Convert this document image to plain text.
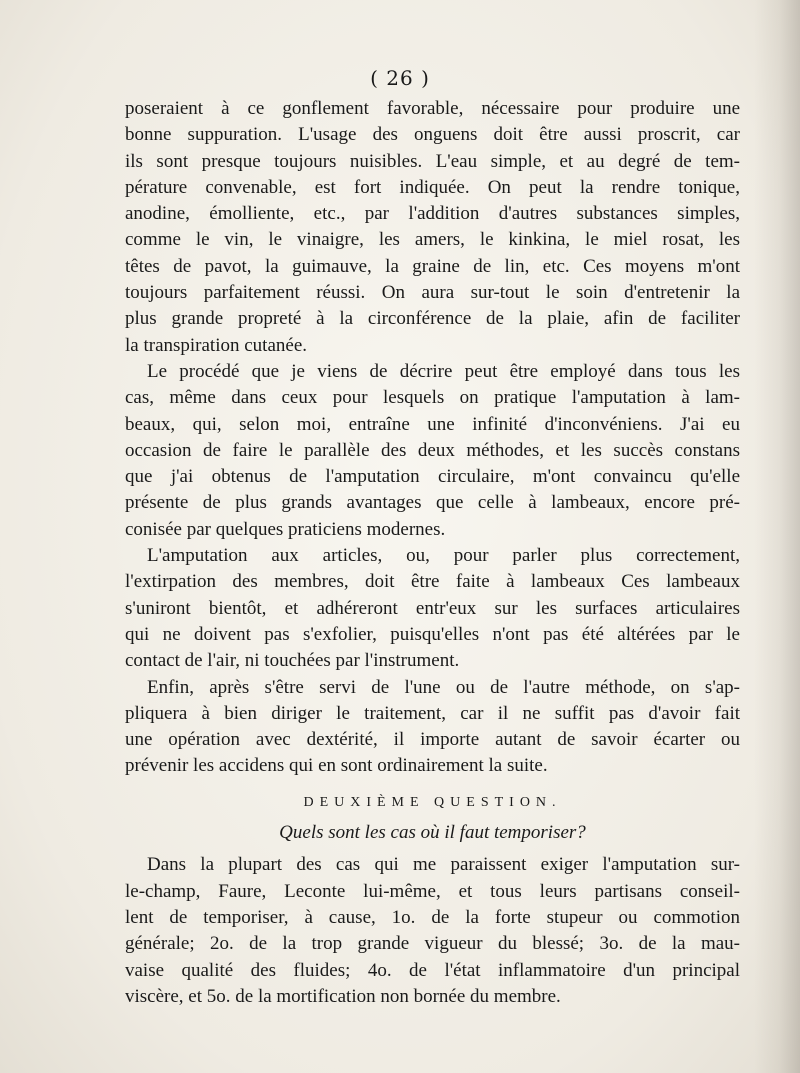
( 26 )
poseraient à ce gonflement favorable, nécessaire pour produire une
bonne suppuration. L'usage des onguens doit être aussi proscrit, car
ils sont presque toujours nuisibles. L'eau simple, et au degré de tem-
pérature convenable, est fort indiquée. On peut la rendre tonique,
anodine, émolliente, etc., par l'addition d'autres substances simples,
comme le vin, le vinaigre, les amers, le kinkina, le miel rosat, les
têtes de pavot, la guimauve, la graine de lin, etc. Ces moyens m'ont
toujours parfaitement réussi. On aura sur-tout le soin d'entretenir la
plus grande propreté à la circonférence de la plaie, afin de faciliter
la transpiration cutanée.
Le procédé que je viens de décrire peut être employé dans tous les
cas, même dans ceux pour lesquels on pratique l'amputation à lam-
beaux, qui, selon moi, entraîne une infinité d'inconvéniens. J'ai eu
occasion de faire le parallèle des deux méthodes, et les succès constans
que j'ai obtenus de l'amputation circulaire, m'ont convaincu qu'elle
présente de plus grands avantages que celle à lambeaux, encore pré-
conisée par quelques praticiens modernes.
L'amputation aux articles, ou, pour parler plus correctement,
l'extirpation des membres, doit être faite à lambeaux Ces lambeaux
s'uniront bientôt, et adhéreront entr'eux sur les surfaces articulaires
qui ne doivent pas s'exfolier, puisqu'elles n'ont pas été altérées par le
contact de l'air, ni touchées par l'instrument.
Enfin, après s'être servi de l'une ou de l'autre méthode, on s'ap-
pliquera à bien diriger le traitement, car il ne suffit pas d'avoir fait
une opération avec dextérité, il importe autant de savoir écarter ou
prévenir les accidens qui en sont ordinairement la suite.
DEUXIÈME QUESTION.
Quels sont les cas où il faut temporiser?
Dans la plupart des cas qui me paraissent exiger l'amputation sur-
le-champ, Faure, Leconte lui-même, et tous leurs partisans conseil-
lent de temporiser, à cause, 1o. de la forte stupeur ou commotion
générale; 2o. de la trop grande vigueur du blessé; 3o. de la mau-
vaise qualité des fluides; 4o. de l'état inflammatoire d'un principal
viscère, et 5o. de la mortification non bornée du membre.
